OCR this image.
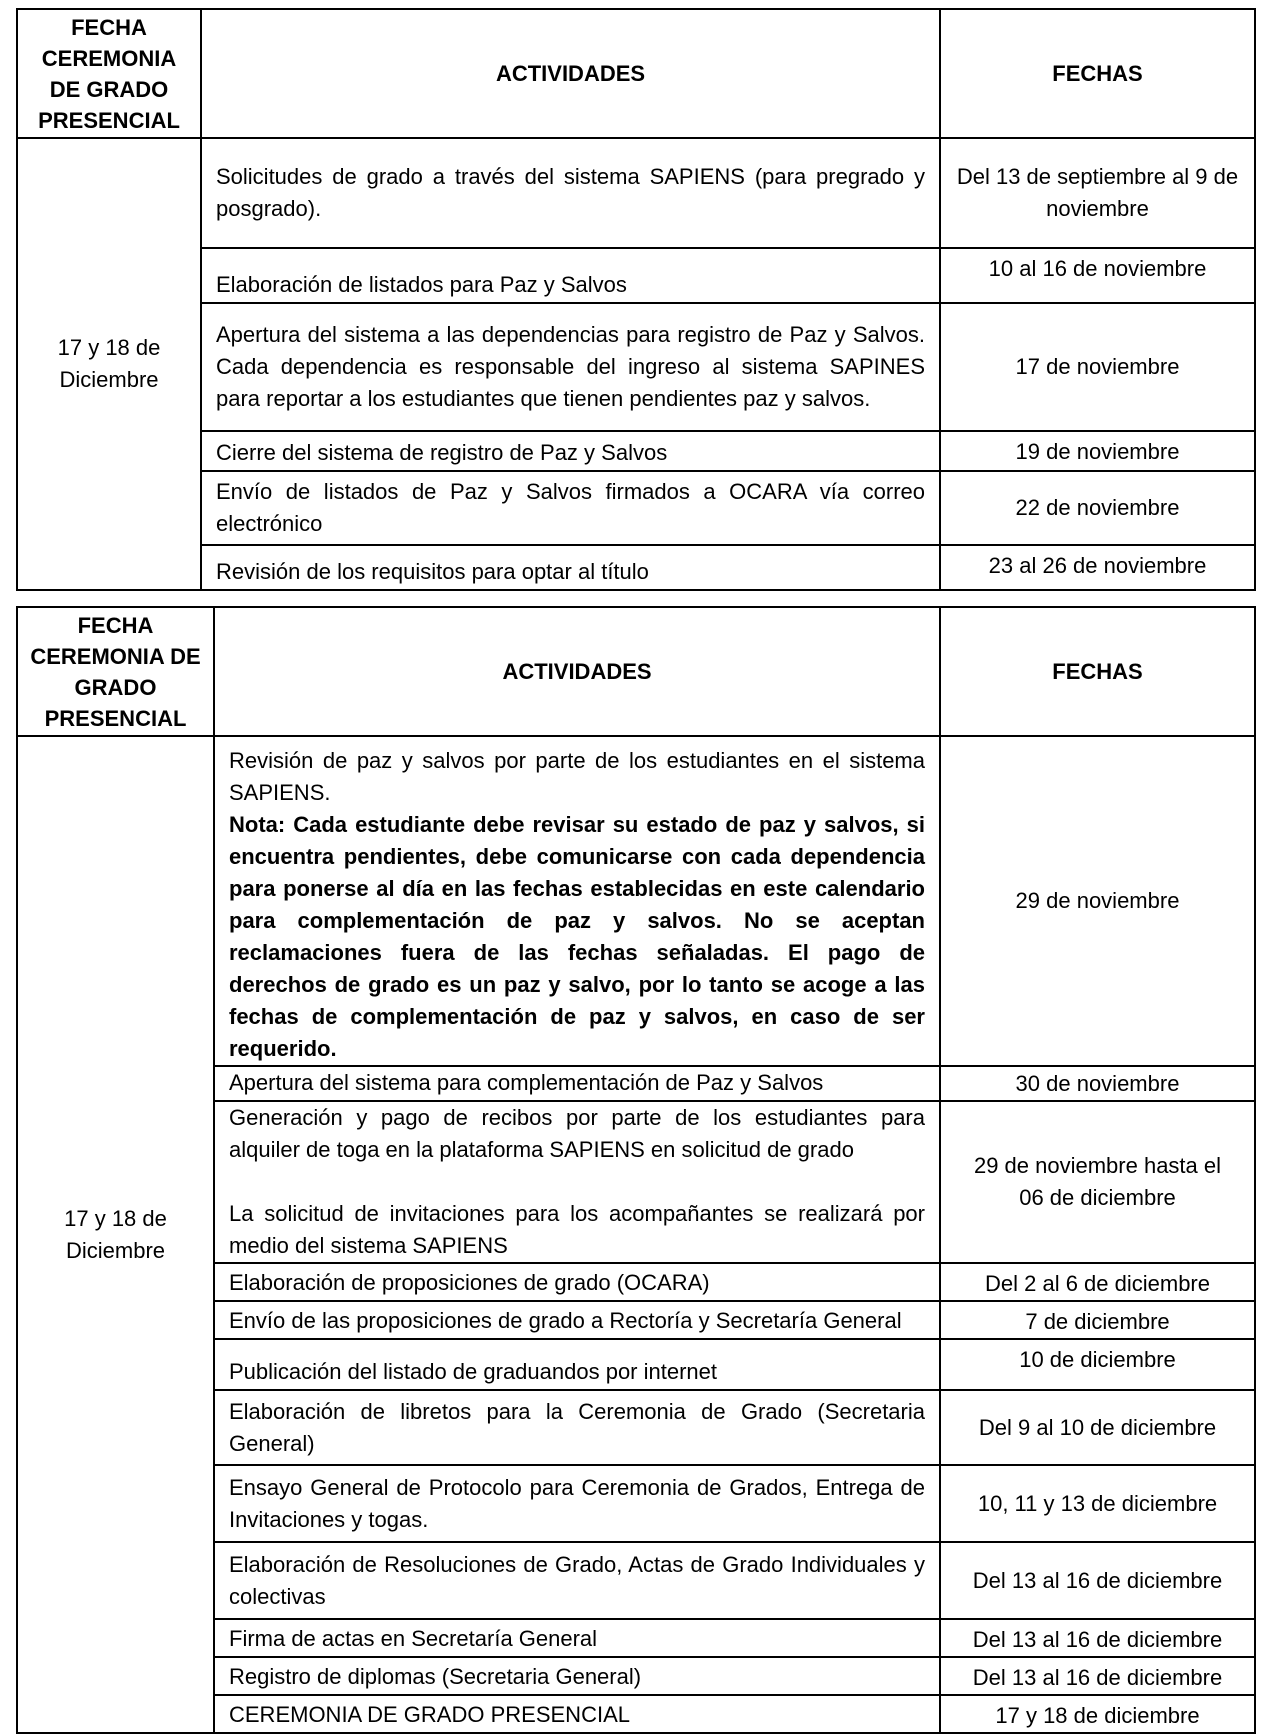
FECHA CEREMONIA DE GRADO PRESENCIAL	ACTIVIDADES	FECHAS
17 y 18 de Diciembre	Solicitudes de grado a través del sistema SAPIENS (para pregrado y posgrado).	Del 13 de septiembre al 9 de noviembre
	Elaboración de listados para Paz y Salvos	10 al 16 de noviembre
	Apertura del sistema a las dependencias para registro de Paz y Salvos. Cada dependencia es responsable del ingreso al sistema SAPINES para reportar a los estudiantes que tienen pendientes paz y salvos.	17 de noviembre
	Cierre del sistema de registro de Paz y Salvos	19 de noviembre
	Envío de listados de Paz y Salvos firmados a OCARA vía correo electrónico	22 de noviembre
	Revisión de los requisitos para optar al título	23 al 26 de noviembre
FECHA CEREMONIA DE GRADO PRESENCIAL	ACTIVIDADES	FECHAS
17 y 18 de Diciembre	Revisión de paz y salvos por parte de los estudiantes en el sistema SAPIENS.
Nota: Cada estudiante debe revisar su estado de paz y salvos, si encuentra pendientes, debe comunicarse con cada dependencia para ponerse al día en las fechas establecidas en este calendario para complementación de paz y salvos. No se aceptan reclamaciones fuera de las fechas señaladas. El pago de derechos de grado es un paz y salvo, por lo tanto se acoge a las fechas de complementación de paz y salvos, en caso de ser requerido.	29 de noviembre
	Apertura del sistema para complementación de Paz y Salvos	30 de noviembre

	Generación y pago de recibos por parte de los estudiantes para alquiler de toga en la plataforma SAPIENS en solicitud de grado
La solicitud de invitaciones para los acompañantes se realizará por medio del sistema SAPIENS	29 de noviembre hasta el 06 de diciembre
	Elaboración de proposiciones de grado (OCARA)	Del 2 al 6 de diciembre
	Envío de las proposiciones de grado a Rectoría y Secretaría General	7 de diciembre
	Publicación del listado de graduandos por internet	10 de diciembre
	Elaboración de libretos para la Ceremonia de Grado (Secretaria General)	Del 9 al 10 de diciembre
	Ensayo General de Protocolo para Ceremonia de Grados, Entrega de Invitaciones y togas.	10, 11 y 13 de diciembre
	Elaboración de Resoluciones de Grado, Actas de Grado Individuales y colectivas	Del 13 al 16 de diciembre
	Firma de actas en Secretaría General	Del 13 al 16 de diciembre
	Registro de diplomas (Secretaria General)	Del 13 al 16 de diciembre
	CEREMONIA DE GRADO PRESENCIAL	17 y 18 de diciembre
